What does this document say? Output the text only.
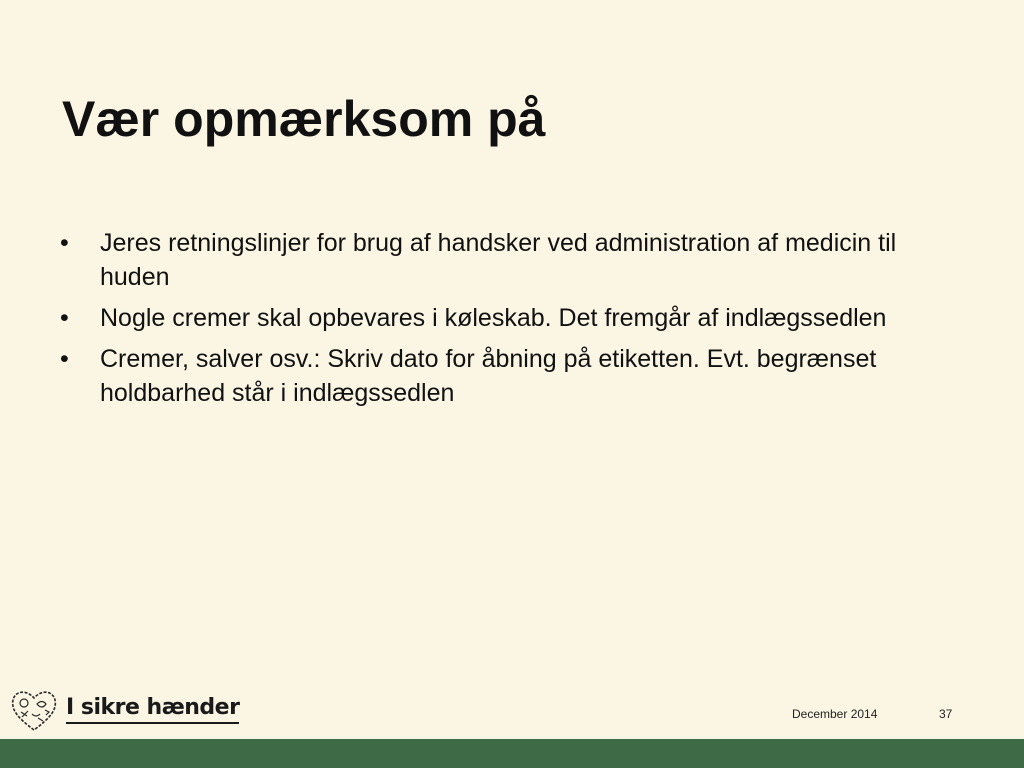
Vær opmærksom på
•	Jeres retningslinjer for brug af handsker ved administration af medicin til huden
•	Nogle cremer skal opbevares i køleskab. Det fremgår af indlægssedlen
•	Cremer, salver osv.: Skriv dato for åbning på etiketten. Evt. begrænset holdbarhed står i indlægssedlen
I sikre hænder	December 2014	37
